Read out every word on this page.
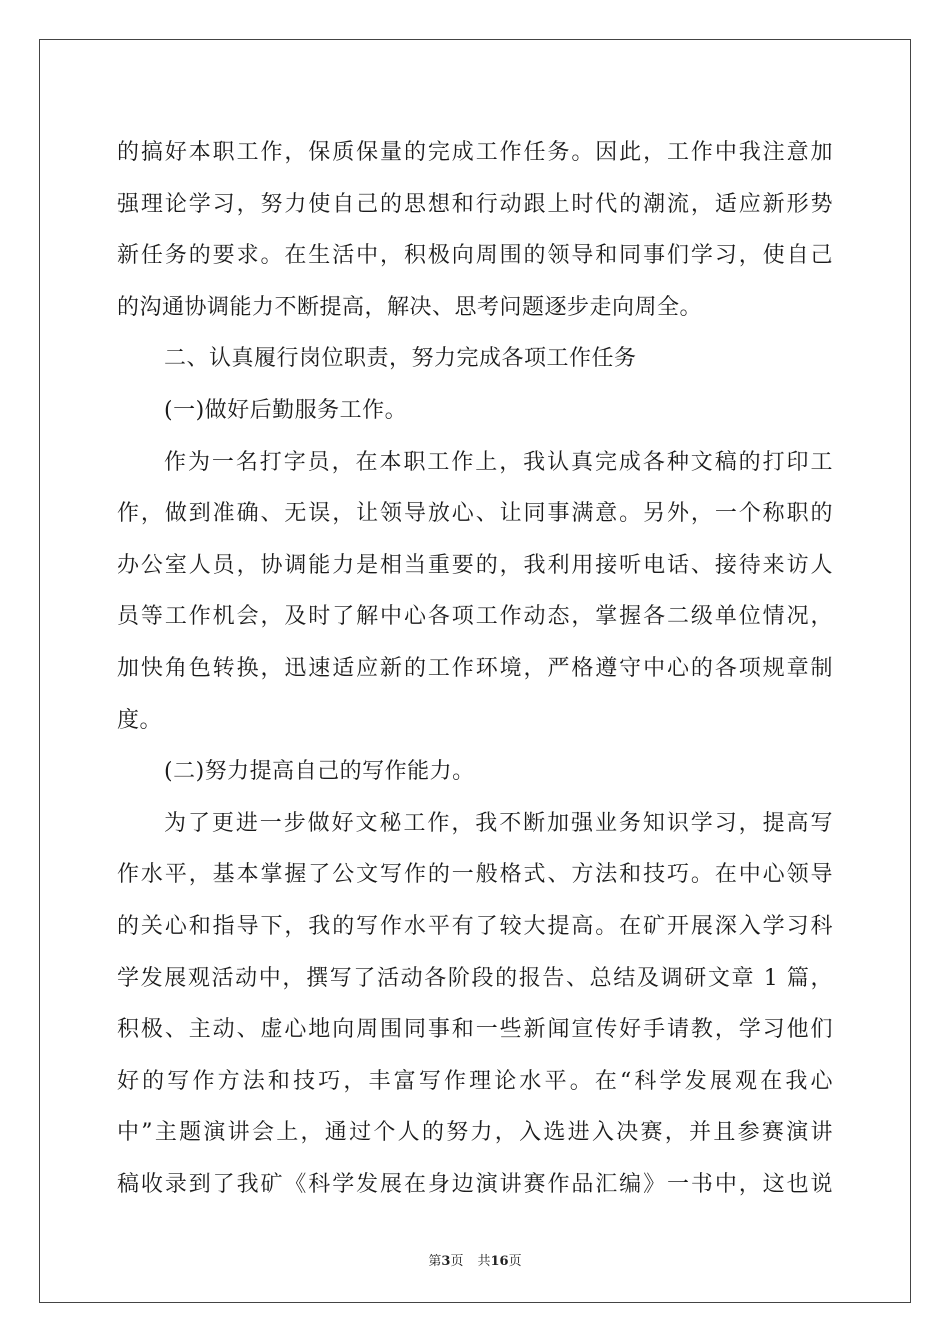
的搞好本职工作，保质保量的完成工作任务。因此，工作中我注意加
强理论学习，努力使自己的思想和行动跟上时代的潮流，适应新形势
新任务的要求。在生活中，积极向周围的领导和同事们学习，使自己
的沟通协调能力不断提高，解决、思考问题逐步走向周全。
二、认真履行岗位职责，努力完成各项工作任务
(一)做好后勤服务工作。
作为一名打字员，在本职工作上，我认真完成各种文稿的打印工
作，做到准确、无误，让领导放心、让同事满意。另外，一个称职的
办公室人员，协调能力是相当重要的，我利用接听电话、接待来访人
员等工作机会，及时了解中心各项工作动态，掌握各二级单位情况，
加快角色转换，迅速适应新的工作环境，严格遵守中心的各项规章制
度。
(二)努力提高自己的写作能力。
为了更进一步做好文秘工作，我不断加强业务知识学习，提高写
作水平，基本掌握了公文写作的一般格式、方法和技巧。在中心领导
的关心和指导下，我的写作水平有了较大提高。在矿开展深入学习科
学发展观活动中，撰写了活动各阶段的报告、总结及调研文章 1 篇，
积极、主动、虚心地向周围同事和一些新闻宣传好手请教，学习他们
好的写作方法和技巧，丰富写作理论水平。在“科学发展观在我心
中”主题演讲会上，通过个人的努力，入选进入决赛，并且参赛演讲
稿收录到了我矿《科学发展在身边演讲赛作品汇编》一书中，这也说
第3页 共16页
